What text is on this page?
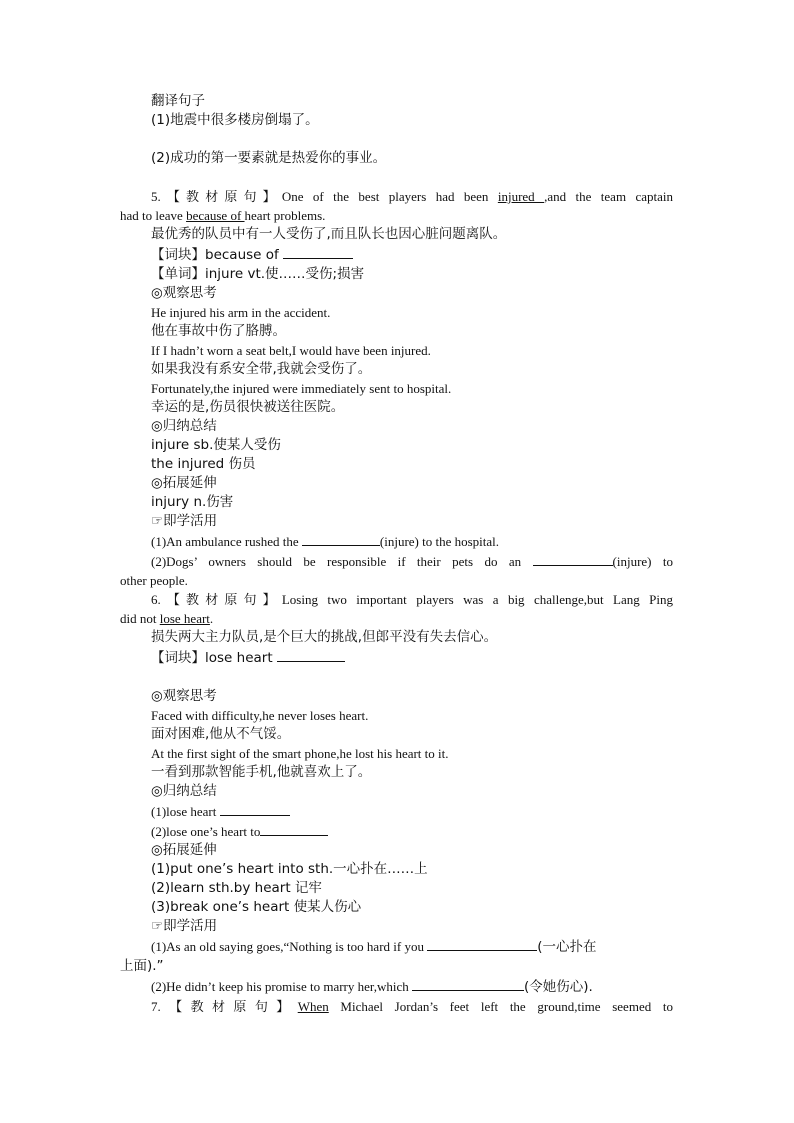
翻译句子

(1)地震中很多楼房倒塌了。

(2)成功的第一要素就是热爱你的事业。

5.【教材原句】One of the best players had been injured ,and the team captain

had to leave because of heart problems.

最优秀的队员中有一人受伤了,而且队长也因心脏问题离队。

【词块】because of

【单词】injure vt.使……受伤;损害

◎观察思考

He injured his arm in the accident.

他在事故中伤了胳膊。

If I hadn’t worn a seat belt,I would have been injured.

如果我没有系安全带,我就会受伤了。

Fortunately,the injured were immediately sent to hospital.

幸运的是,伤员很快被送往医院。

◎归纳总结

injure sb.使某人受伤

the injured 伤员

◎拓展延伸

injury n.伤害

☞即学活用

(1)An ambulance rushed the	(injure) to the hospital.

(2)Dogs’ owners should be responsible if their pets do an	(injure) to

other people.

6.【教材原句】Losing two important players was a big challenge,but Lang Ping

did not lose heart.

损失两大主力队员,是个巨大的挑战,但郎平没有失去信心。

【词块】lose heart

◎观察思考

Faced with difficulty,he never loses heart.

面对困难,他从不气馁。

At the first sight of the smart phone,he lost his heart to it.

一看到那款智能手机,他就喜欢上了。

◎归纳总结

(1)lose heart

(2)lose one’s heart to

◎拓展延伸

(1)put one’s heart into sth.一心扑在……上

(2)learn sth.by heart 记牢

(3)break one’s heart 使某人伤心

☞即学活用

(1)As an old saying goes,“Nothing is too hard if you	(一心扑在

上面).”

(2)He didn’t keep his promise to marry her,which	(令她伤心).

7.【教材原句】When Michael Jordan’s feet left the ground,time seemed to
